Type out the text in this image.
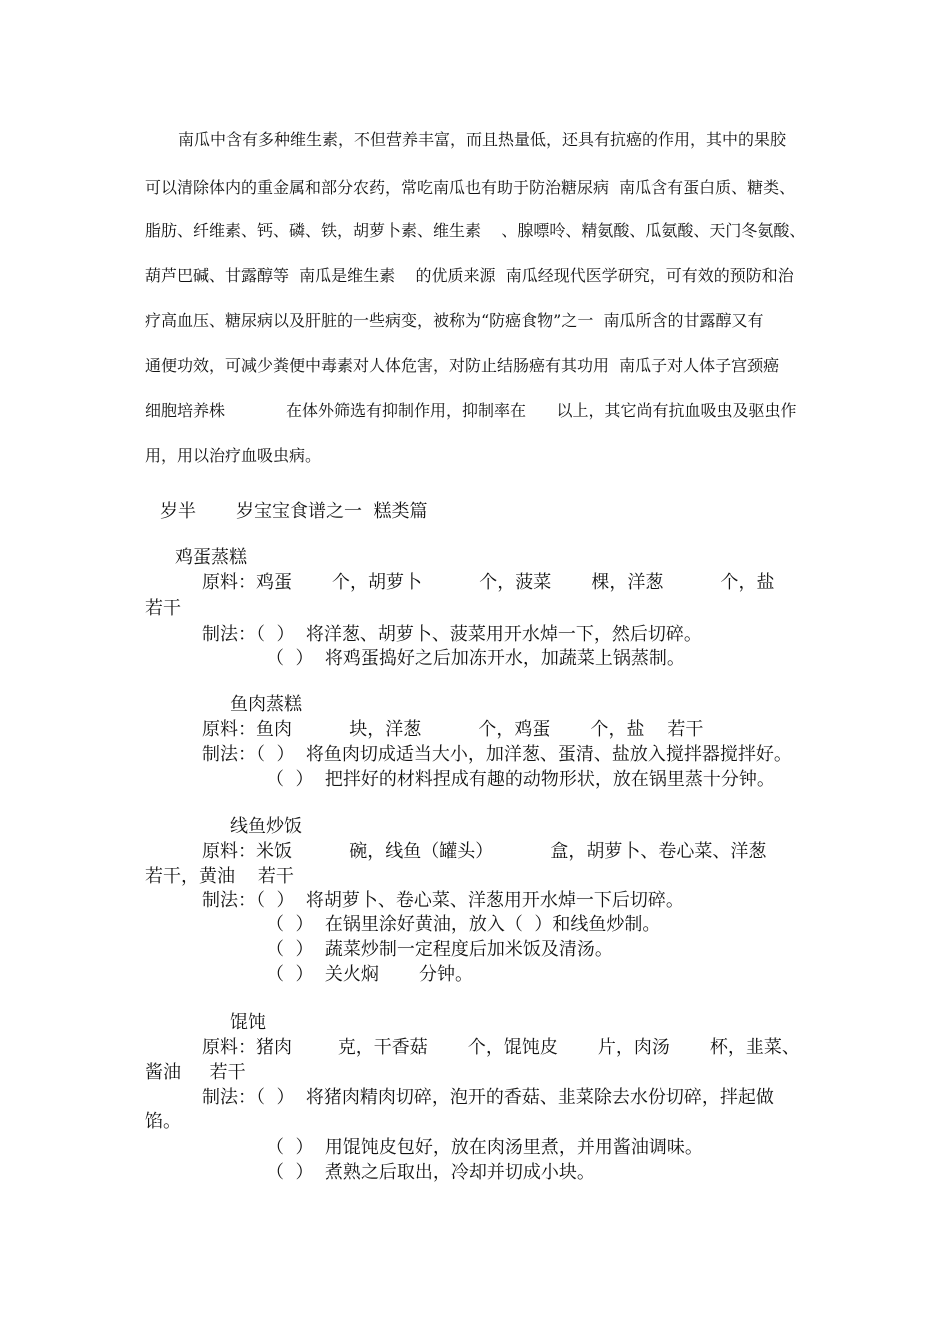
南瓜中含有多种维生素，不但营养丰富，而且热量低，还具有抗癌的作用，其中的果胶
可以清除体内的重金属和部分农药，常吃南瓜也有助于防治糖尿病  南瓜含有蛋白质、糖类、
脂肪、纤维素、钙、磷、铁，胡萝卜素、维生素    、腺嘌呤、精氨酸、瓜氨酸、天门冬氨酸、
葫芦巴碱、甘露醇等  南瓜是维生素    的优质来源  南瓜经现代医学研究，可有效的预防和治
疗高血压、糖尿病以及肝脏的一些病变，被称为“防癌食物”之一  南瓜所含的甘露醇又有
通便功效，可减少粪便中毒素对人体危害，对防止结肠癌有其功用  南瓜子对人体子宫颈癌
细胞培养株            在体外筛选有抑制作用，抑制率在      以上，其它尚有抗血吸虫及驱虫作
用，用以治疗血吸虫病。
岁半       岁宝宝食谱之一  糕类篇
鸡蛋蒸糕
原料：鸡蛋       个，胡萝卜          个，菠菜       棵，洋葱          个，盐
若干
制法：（  ）  将洋葱、胡萝卜、菠菜用开水焯一下，然后切碎。
（  ）  将鸡蛋捣好之后加冻开水，加蔬菜上锅蒸制。
鱼肉蒸糕
原料：鱼肉          块，洋葱          个，鸡蛋       个，盐    若干
制法：（  ）  将鱼肉切成适当大小，加洋葱、蛋清、盐放入搅拌器搅拌好。
（  ）  把拌好的材料捏成有趣的动物形状，放在锅里蒸十分钟。
线鱼炒饭
原料：米饭          碗，线鱼（罐头）          盒，胡萝卜、卷心菜、洋葱
若干，黄油    若干
制法：（  ）  将胡萝卜、卷心菜、洋葱用开水焯一下后切碎。
（  ）  在锅里涂好黄油，放入（  ）和线鱼炒制。
（  ）  蔬菜炒制一定程度后加米饭及清汤。
（  ）  关火焖       分钟。
馄饨
原料：猪肉        克，干香菇       个，馄饨皮       片，肉汤       杯，韭菜、
酱油     若干
制法：（  ）  将猪肉精肉切碎，泡开的香菇、韭菜除去水份切碎，拌起做
馅。
（  ）  用馄饨皮包好，放在肉汤里煮，并用酱油调味。
（  ）  煮熟之后取出，冷却并切成小块。
